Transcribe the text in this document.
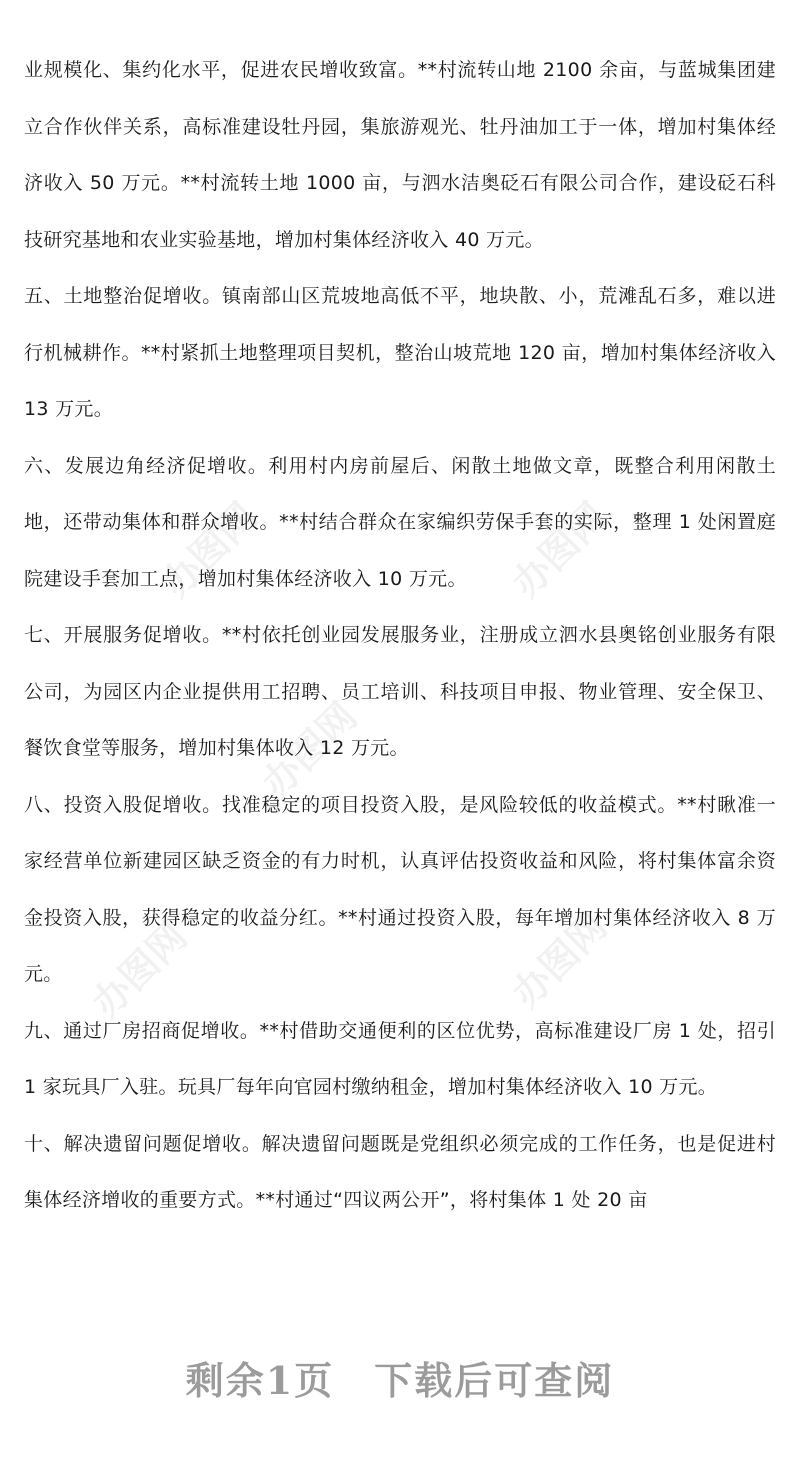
办图网	办图网
办图网
办图网	办图网

业规模化、集约化水平，促进农民增收致富。**村流转山地 2100 余亩，与蓝城集团建立合作伙伴关系，高标准建设牡丹园，集旅游观光、牡丹油加工于一体，增加村集体经济收入 50 万元。**村流转土地 1000 亩，与泗水洁奥砭石有限公司合作，建设砭石科技研究基地和农业实验基地，增加村集体经济收入 40 万元。

五、土地整治促增收。镇南部山区荒坡地高低不平，地块散、小，荒滩乱石多，难以进行机械耕作。**村紧抓土地整理项目契机，整治山坡荒地 120 亩，增加村集体经济收入 13 万元。

六、发展边角经济促增收。利用村内房前屋后、闲散土地做文章，既整合利用闲散土地，还带动集体和群众增收。**村结合群众在家编织劳保手套的实际，整理 1 处闲置庭院建设手套加工点，增加村集体经济收入 10 万元。

七、开展服务促增收。**村依托创业园发展服务业，注册成立泗水县奥铭创业服务有限公司，为园区内企业提供用工招聘、员工培训、科技项目申报、物业管理、安全保卫、餐饮食堂等服务，增加村集体收入 12 万元。

八、投资入股促增收。找准稳定的项目投资入股，是风险较低的收益模式。**村瞅准一家经营单位新建园区缺乏资金的有力时机，认真评估投资收益和风险，将村集体富余资金投资入股，获得稳定的收益分红。**村通过投资入股，每年增加村集体经济收入 8 万元。

九、通过厂房招商促增收。**村借助交通便利的区位优势，高标准建设厂房 1 处，招引 1 家玩具厂入驻。玩具厂每年向官园村缴纳租金，增加村集体经济收入 10 万元。

十、解决遗留问题促增收。解决遗留问题既是党组织必须完成的工作任务，也是促进村集体经济增收的重要方式。**村通过“四议两公开”，将村集体 1 处 20 亩

剩余1页 下载后可查阅
